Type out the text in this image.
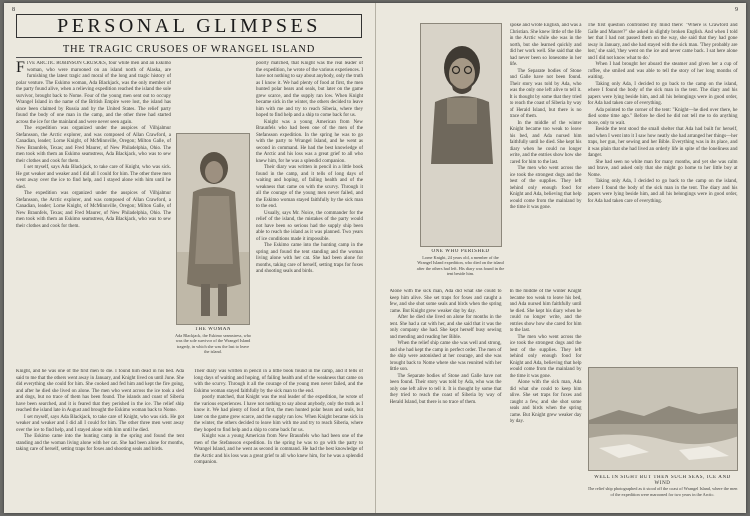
8
PERSONAL GLIMPSES
THE TRAGIC CRUSOES OF WRANGEL ISLAND

FIVE ARCTIC ROBINSON CRUSOES, four white men and an Eskimo woman, who were marooned on an island north of Alaska, are furnishing the latest tragic and moral of the long and tragic history of polar venture. The Eskimo woman, Ada Blackjack, was the only member of the party found alive, when a relieving expedition reached the island the sole survivor, brought back to Nome. Four of the young men sent out to occupy Wrangel Island in the name of the British Empire were lost, the island has since been claimed by Russia and by the United States. The relief party found the body of one man in the camp, and the other three had started across the ice for the mainland and were never seen again.

The expedition was organized under the auspices of Vilhjalmur Stefansson, the Arctic explorer, and was composed of Allan Crawford, a Canadian, leader; Lorne Knight, of McMinnville, Oregon; Milton Galle, of New Braunfels, Texas; and Fred Maurer, of New Philadelphia, Ohio. The men took with them an Eskimo seamstress, Ada Blackjack, who was to sew their clothes and cook for them.

I set myself, says Ada Blackjack, to take care of Knight, who was sick. He got weaker and weaker and I did all I could for him. The other three men went away over the ice to find help, and I stayed alone with him until he died.

The expedition was organized under the auspices of Vilhjalmur Stefansson, the Arctic explorer, and was composed of Allan Crawford, a Canadian, leader; Lorne Knight, of McMinnville, Oregon; Milton Galle, of New Braunfels, Texas; and Fred Maurer, of New Philadelphia, Ohio. The men took with them an Eskimo seamstress, Ada Blackjack, who was to sew their clothes and cook for them.

THE WOMAN
Ada Blackjack, the Eskimo seamstress, who was the sole survivor of the Wrangel Island tragedy, in which she was the last to leave the island.

poorly matched, that Knight was the real leader of the expedition, he wrote of the various experiences. I have not nothing to say about anybody, only the truth as I know it. We had plenty of food at first, the men hunted polar bears and seals, but later on the game grew scarce, and the supply ran low. When Knight became sick in the winter, the others decided to leave him with me and try to reach Siberia, where they hoped to find help and a ship to come back for us.

Knight was a young American from New Braunfels who had been one of the men of the Stefansson expedition. In the spring he was to go with the party to Wrangel Island, and he went as second in command. He had the best knowledge of the Arctic and his loss was a great grief to all who knew him, for he was a splendid companion.

Their diary was written in pencil in a little book found in the camp, and it tells of long days of waiting and hoping, of failing health and of the weakness that came on with the scurvy. Through it all the courage of the young men never failed, and the Eskimo woman stayed faithfully by the sick man to the end.

Usually, says Mr. Noice, the commander for the relief of the island, the mistakes of the party would not have been so serious had the supply ship been able to reach the island as it was planned. Two years of ice conditions made it impossible.

The Eskimo came into the hunting camp in the spring and found the tent standing and the woman living alone with her cat. She had been alone for months, taking care of herself, setting traps for foxes and shooting seals and birds.

Knight, and he was one of the first men to die. I found him dead in his bed. Ada said to me that the others went away in January, and Knight lived on until June. She did everything she could for him. She cooked and fed him and kept the fire going, and after he died she lived on alone. The men who went across the ice took a sled and dogs, but no trace of them has been found. The islands and coast of Siberia have been searched, and it is feared that they perished in the ice. The relief ship reached the island late in August and brought the Eskimo woman back to Nome.

I set myself, says Ada Blackjack, to take care of Knight, who was sick. He got weaker and weaker and I did all I could for him. The other three men went away over the ice to find help, and I stayed alone with him until he died.

The Eskimo came into the hunting camp in the spring and found the tent standing and the woman living alone with her cat. She had been alone for months, taking care of herself, setting traps for foxes and shooting seals and birds.

Their diary was written in pencil in a little book found in the camp, and it tells of long days of waiting and hoping, of failing health and of the weakness that came on with the scurvy. Through it all the courage of the young men never failed, and the Eskimo woman stayed faithfully by the sick man to the end.

poorly matched, that Knight was the real leader of the expedition, he wrote of the various experiences. I have not nothing to say about anybody, only the truth as I know it. We had plenty of food at first, the men hunted polar bears and seals, but later on the game grew scarce, and the supply ran low. When Knight became sick in the winter, the others decided to leave him with me and try to reach Siberia, where they hoped to find help and a ship to come back for us.

Knight was a young American from New Braunfels who had been one of the men of the Stefansson expedition. In the spring he was to go with the party to Wrangel Island, and he went as second in command. He had the best knowledge of the Arctic and his loss was a great grief to all who knew him, for he was a splendid companion.

9
ONE WHO PERISHED
Lorne Knight, 24 years old, a member of the Wrangel Island expedition, who died on the island after the others had left. His diary was found in the tent beside him.

spoke and wrote English, and was a Christian. She knew little of the life in the Arctic while she was in the north, but she learned quickly and did her work well. She said that she had never been so lonesome in her life.

The Separate bodies of Stone and Galle have not been found. Their story was told by Ada, who was the only one left alive to tell it. It is thought by some that they tried to reach the coast of Siberia by way of Herald Island, but there is no trace of them.

In the middle of the winter Knight became too weak to leave his bed, and Ada nursed him faithfully until he died. She kept his diary when he could no longer write, and the entries show how she cared for him to the last.

The men who went across the ice took the strongest dogs and the best of the supplies. They left behind only enough food for Knight and Ada, believing that help would come from the mainland by the time it was gone.

The first question confronted my mind there: "Where is Crawford and Galle and Maurer?" she asked in slightly broken English. And when I told her that I had not passed them on the way, she said that they had gone away in January, and she had stayed with the sick man. 'They probably are lost,' she said, 'they went on the ice and never came back. I sat here alone and I did not know what to do.'

When I had brought her aboard the steamer and given her a cup of coffee, she smiled and was able to tell the story of her long months of waiting.

Taking only Ada, I decided to go back to the camp on the island, where I found the body of the sick man in the tent. The diary and his papers were lying beside him, and all his belongings were in good order, for Ada had taken care of everything.

Ada pointed to the corner of the tent: "Knight—he died over there, he died some time ago." Before he died he did not tell me to do anything more, only to wait.

Beside the tent stood the small shelter that Ada had built for herself, and when I went into it I saw how neatly she had arranged her things—her traps, her gun, her sewing and her Bible. Everything was in its place, and it was plain that she had lived an orderly life in spite of the loneliness and danger.

She had seen no white man for many months, and yet she was calm and brave, and asked only that she might go home to her little boy at Nome.

Taking only Ada, I decided to go back to the camp on the island, where I found the body of the sick man in the tent. The diary and his papers were lying beside him, and all his belongings were in good order, for Ada had taken care of everything.

Alone with the sick man, Ada did what she could to keep him alive. She set traps for foxes and caught a few, and she shot some seals and birds when the spring came. But Knight grew weaker day by day.

After he died she lived on alone for months in the tent. She had a cat with her, and she said that it was the only company she had. She kept herself busy sewing and mending and reading her Bible.

When the relief ship came she was well and strong, and she had kept the camp in perfect order. The men of the ship were astonished at her courage, and she was brought back to Nome where she was reunited with her little son.

The Separate bodies of Stone and Galle have not been found. Their story was told by Ada, who was the only one left alive to tell it. It is thought by some that they tried to reach the coast of Siberia by way of Herald Island, but there is no trace of them.

In the middle of the winter Knight became too weak to leave his bed, and Ada nursed him faithfully until he died. She kept his diary when he could no longer write, and the entries show how she cared for him to the last.

The men who went across the ice took the strongest dogs and the best of the supplies. They left behind only enough food for Knight and Ada, believing that help would come from the mainland by the time it was gone.

Alone with the sick man, Ada did what she could to keep him alive. She set traps for foxes and caught a few, and she shot some seals and birds when the spring came. But Knight grew weaker day by day.

WELL IN SIGHT BUT THEN SUCH SEAS, ICE AND WIND
The relief ship photographed as it stood off the coast of Wrangel Island, where the men of the expedition were marooned for two years in the Arctic.
